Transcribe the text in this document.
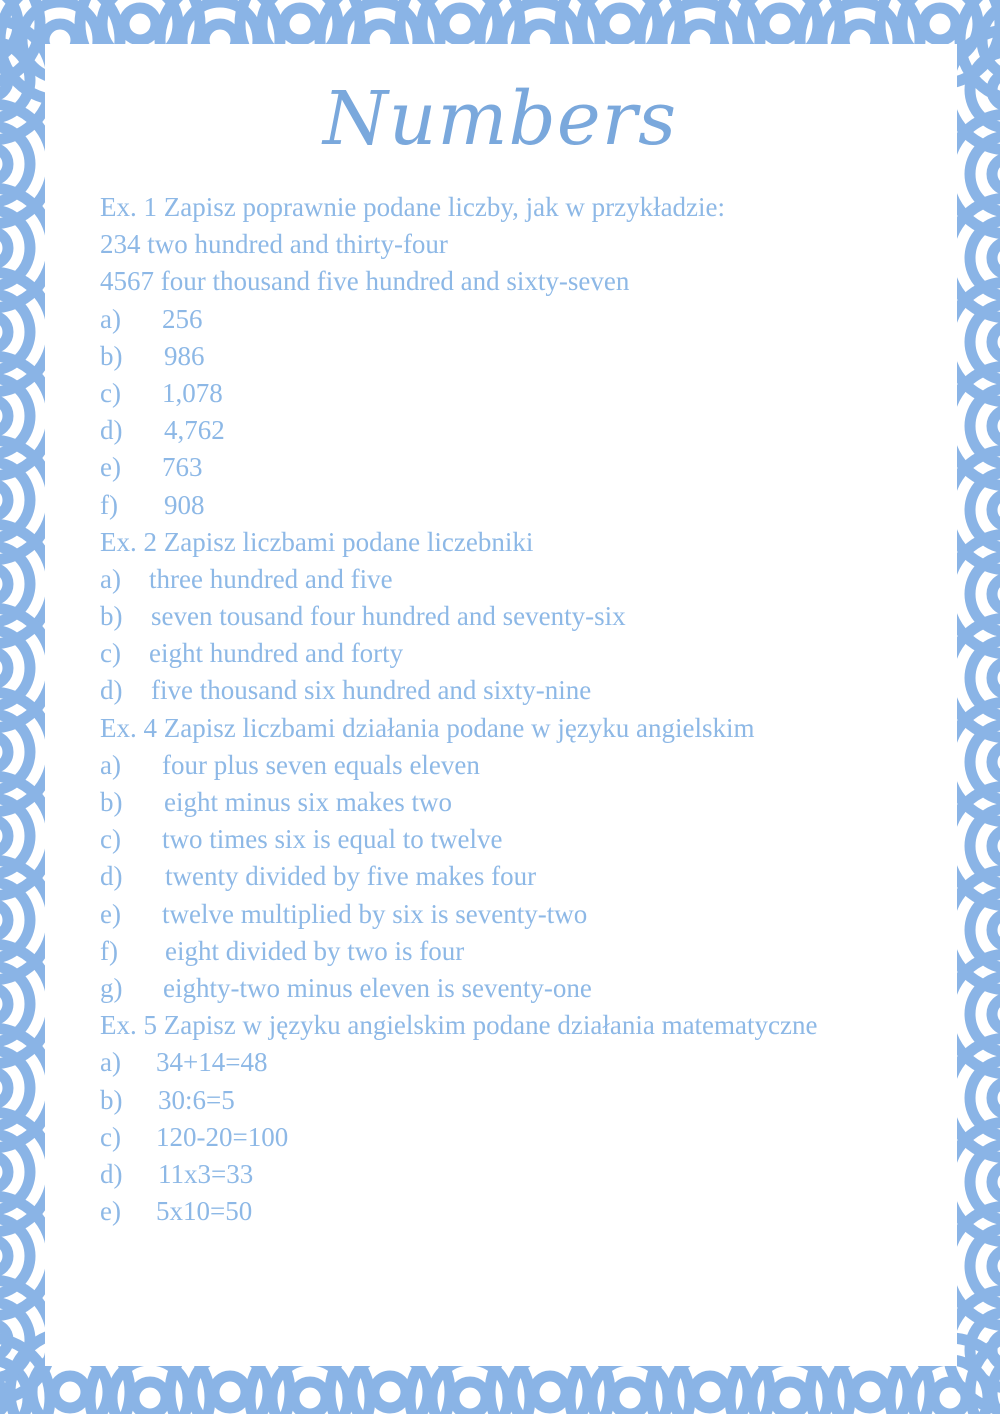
Numbers
Ex. 1 Zapisz poprawnie podane liczby, jak w przykładzie:
234 two hundred and thirty-four
4567 four thousand five hundred and sixty-seven
a) 256
b) 986
c) 1,078
d) 4,762
e) 763
f) 908
Ex. 2 Zapisz liczbami podane liczebniki
a) three hundred and five
b) seven tousand four hundred and seventy-six
c) eight hundred and forty
d) five thousand six hundred and sixty-nine
Ex. 4 Zapisz liczbami działania podane w języku angielskim
a) four plus seven equals eleven
b) eight minus six makes two
c) two times six is equal to twelve
d) twenty divided by five makes four
e) twelve multiplied by six is seventy-two
f) eight divided by two is four
g) eighty-two minus eleven is seventy-one
Ex. 5 Zapisz w języku angielskim podane działania matematyczne
a) 34+14=48
b) 30:6=5
c) 120-20=100
d) 11x3=33
e) 5x10=50
